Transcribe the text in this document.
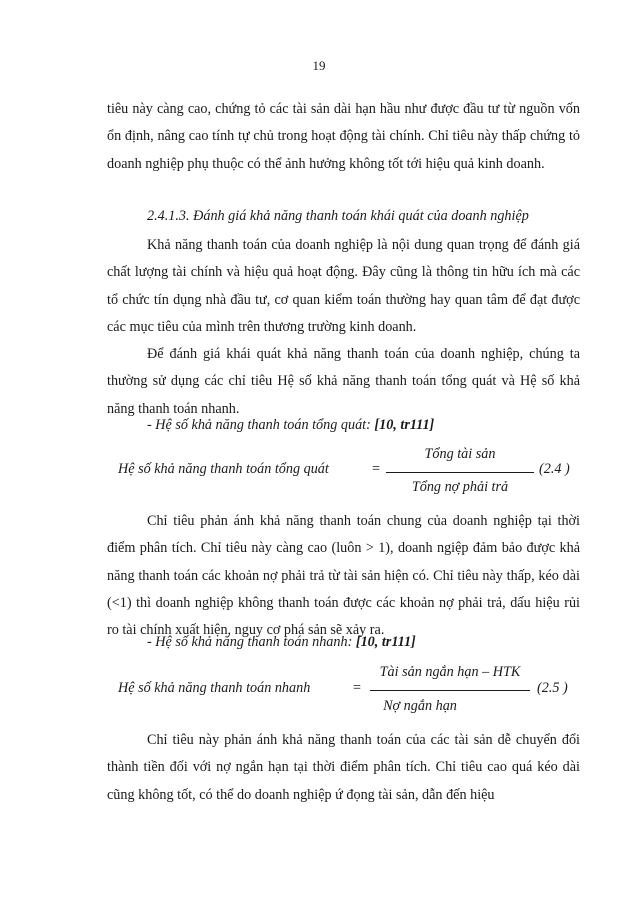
19

tiêu này càng cao, chứng tỏ các tài sản dài hạn hầu như được đầu tư từ nguồn vốn ổn định, nâng cao tính tự chủ trong hoạt động tài chính. Chỉ tiêu này thấp chứng tỏ doanh nghiệp phụ thuộc có thể ảnh hưởng không tốt tới hiệu quả kinh doanh.

2.4.1.3. Đánh giá khả năng thanh toán khái quát của doanh nghiệp

Khả năng thanh toán của doanh nghiệp là nội dung quan trọng để đánh giá chất lượng tài chính và hiệu quả hoạt động. Đây cũng là thông tin hữu ích mà các tổ chức tín dụng nhà đầu tư, cơ quan kiểm toán thường hay quan tâm để đạt được các mục tiêu của mình trên thương trường kinh doanh.

Để đánh giá khái quát khả năng thanh toán của doanh nghiệp, chúng ta thường sử dụng các chỉ tiêu Hệ số khả năng thanh toán tổng quát và Hệ số khả năng thanh toán nhanh.

- Hệ số khả năng thanh toán tổng quát: [10, tr111]
Hệ số khả năng thanh toán tổng quát	=
Tổng tài sản
Tổng nợ phải trả
(2.4 )

Chỉ tiêu phản ánh khả năng thanh toán chung của doanh nghiệp tại thời điểm phân tích. Chỉ tiêu này càng cao (luôn > 1), doanh ngiệp đảm bảo được khả năng thanh toán các khoản nợ phải trả từ tài sản hiện có. Chỉ tiêu này thấp, kéo dài (<1) thì doanh nghiệp không thanh toán được các khoản nợ phải trả, dấu hiệu rủi ro tài chính xuất hiện, nguy cơ phá sản sẽ xảy ra.

- Hệ số khả năng thanh toán nhanh: [10, tr111]
Hệ số khả năng thanh toán nhanh	=
Tài sản ngắn hạn – HTK
Nợ ngắn hạn
(2.5 )

Chỉ tiêu này phản ánh khả năng thanh toán của các tài sản dễ chuyển đổi thành tiền đối với nợ ngắn hạn tại thời điểm phân tích. Chỉ tiêu cao quá kéo dài cũng không tốt, có thể do doanh nghiệp ứ đọng tài sản, dẫn đến hiệu
